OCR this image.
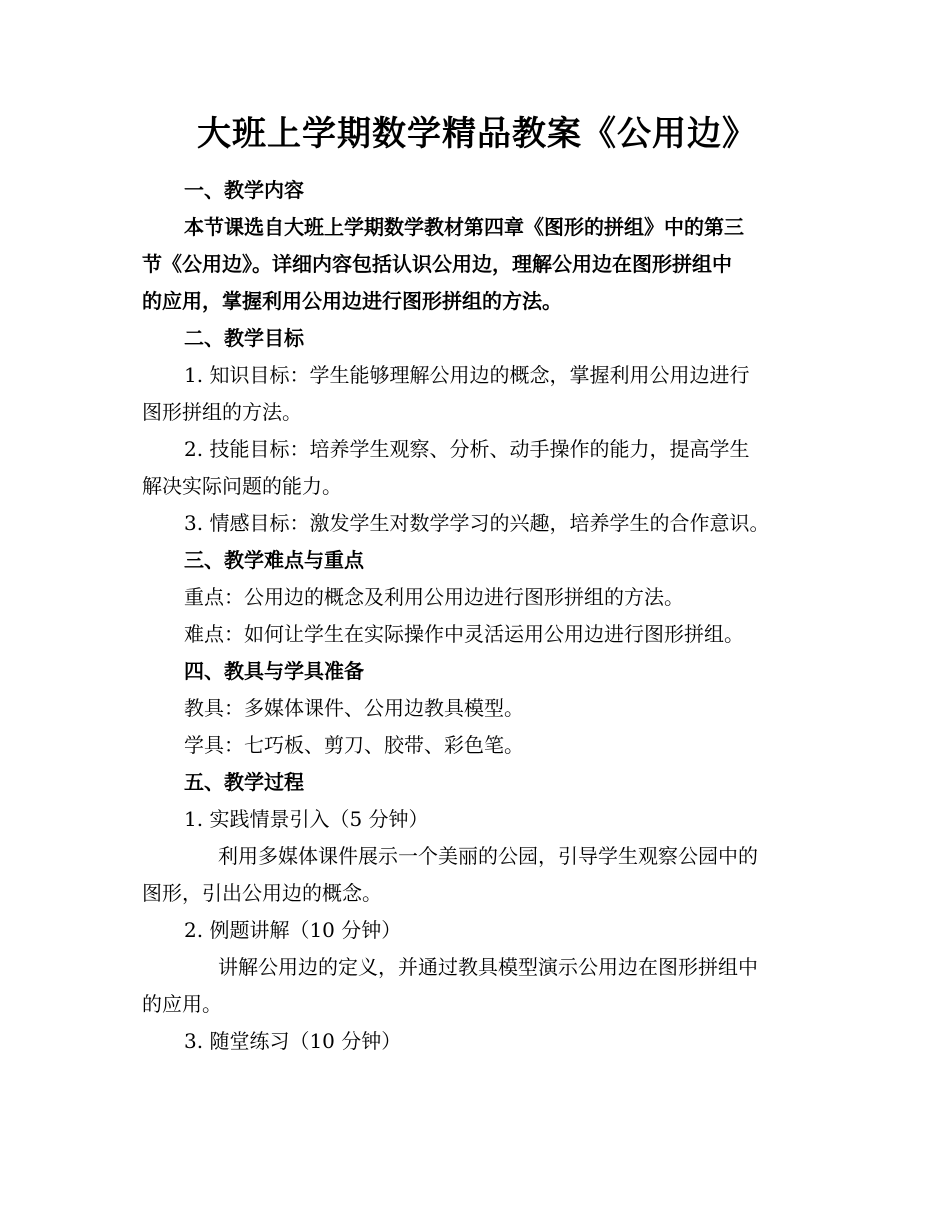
大班上学期数学精品教案《公用边》

一、教学内容

本节课选自大班上学期数学教材第四章《图形的拼组》中的第三

节《公用边》。详细内容包括认识公用边，理解公用边在图形拼组中

的应用，掌握利用公用边进行图形拼组的方法。

二、教学目标

1. 知识目标：学生能够理解公用边的概念，掌握利用公用边进行

图形拼组的方法。

2. 技能目标：培养学生观察、分析、动手操作的能力，提高学生

解决实际问题的能力。

3. 情感目标：激发学生对数学学习的兴趣，培养学生的合作意识。

三、教学难点与重点

重点：公用边的概念及利用公用边进行图形拼组的方法。

难点：如何让学生在实际操作中灵活运用公用边进行图形拼组。

四、教具与学具准备

教具：多媒体课件、公用边教具模型。

学具：七巧板、剪刀、胶带、彩色笔。

五、教学过程

1. 实践情景引入（5 分钟）

利用多媒体课件展示一个美丽的公园，引导学生观察公园中的

图形，引出公用边的概念。

2. 例题讲解（10 分钟）

讲解公用边的定义，并通过教具模型演示公用边在图形拼组中

的应用。

3. 随堂练习（10 分钟）
